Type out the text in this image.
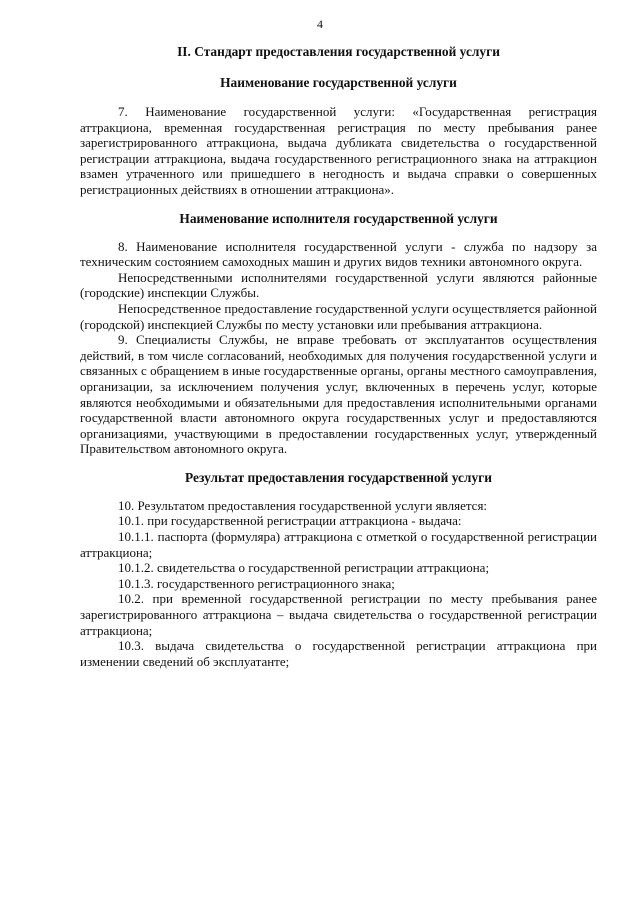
4
II. Стандарт предоставления государственной услуги
Наименование государственной услуги

7. Наименование государственной услуги: «Государственная регистрация аттракциона, временная государственная регистрация по месту пребывания ранее зарегистрированного аттракциона, выдача дубликата свидетельства о государственной регистрации аттракциона, выдача государственного регистрационного знака на аттракцион взамен утраченного или пришедшего в негодность и выдача справки о совершенных регистрационных действиях в отношении аттракциона».

Наименование исполнителя государственной услуги

8. Наименование исполнителя государственной услуги - служба по надзору за техническим состоянием самоходных машин и других видов техники автономного округа.

Непосредственными исполнителями государственной услуги являются районные (городские) инспекции Службы.

Непосредственное предоставление государственной услуги осуществляется районной (городской) инспекцией Службы по месту установки или пребывания аттракциона.

9. Специалисты Службы, не вправе требовать от эксплуатантов осуществления действий, в том числе согласований, необходимых для получения государственной услуги и связанных с обращением в иные государственные органы, органы местного самоуправления, организации, за исключением получения услуг, включенных в перечень услуг, которые являются необходимыми и обязательными для предоставления исполнительными органами государственной власти автономного округа государственных услуг и предоставляются организациями, участвующими в предоставлении государственных услуг, утвержденный Правительством автономного округа.

Результат предоставления государственной услуги

10. Результатом предоставления государственной услуги является:

10.1. при государственной регистрации аттракциона - выдача:

10.1.1. паспорта (формуляра) аттракциона с отметкой о государственной регистрации аттракциона;

10.1.2. свидетельства о государственной регистрации аттракциона;

10.1.3. государственного регистрационного знака;

10.2. при временной государственной регистрации по месту пребывания ранее зарегистрированного аттракциона – выдача свидетельства о государственной регистрации аттракциона;

10.3. выдача свидетельства о государственной регистрации аттракциона при изменении сведений об эксплуатанте;
